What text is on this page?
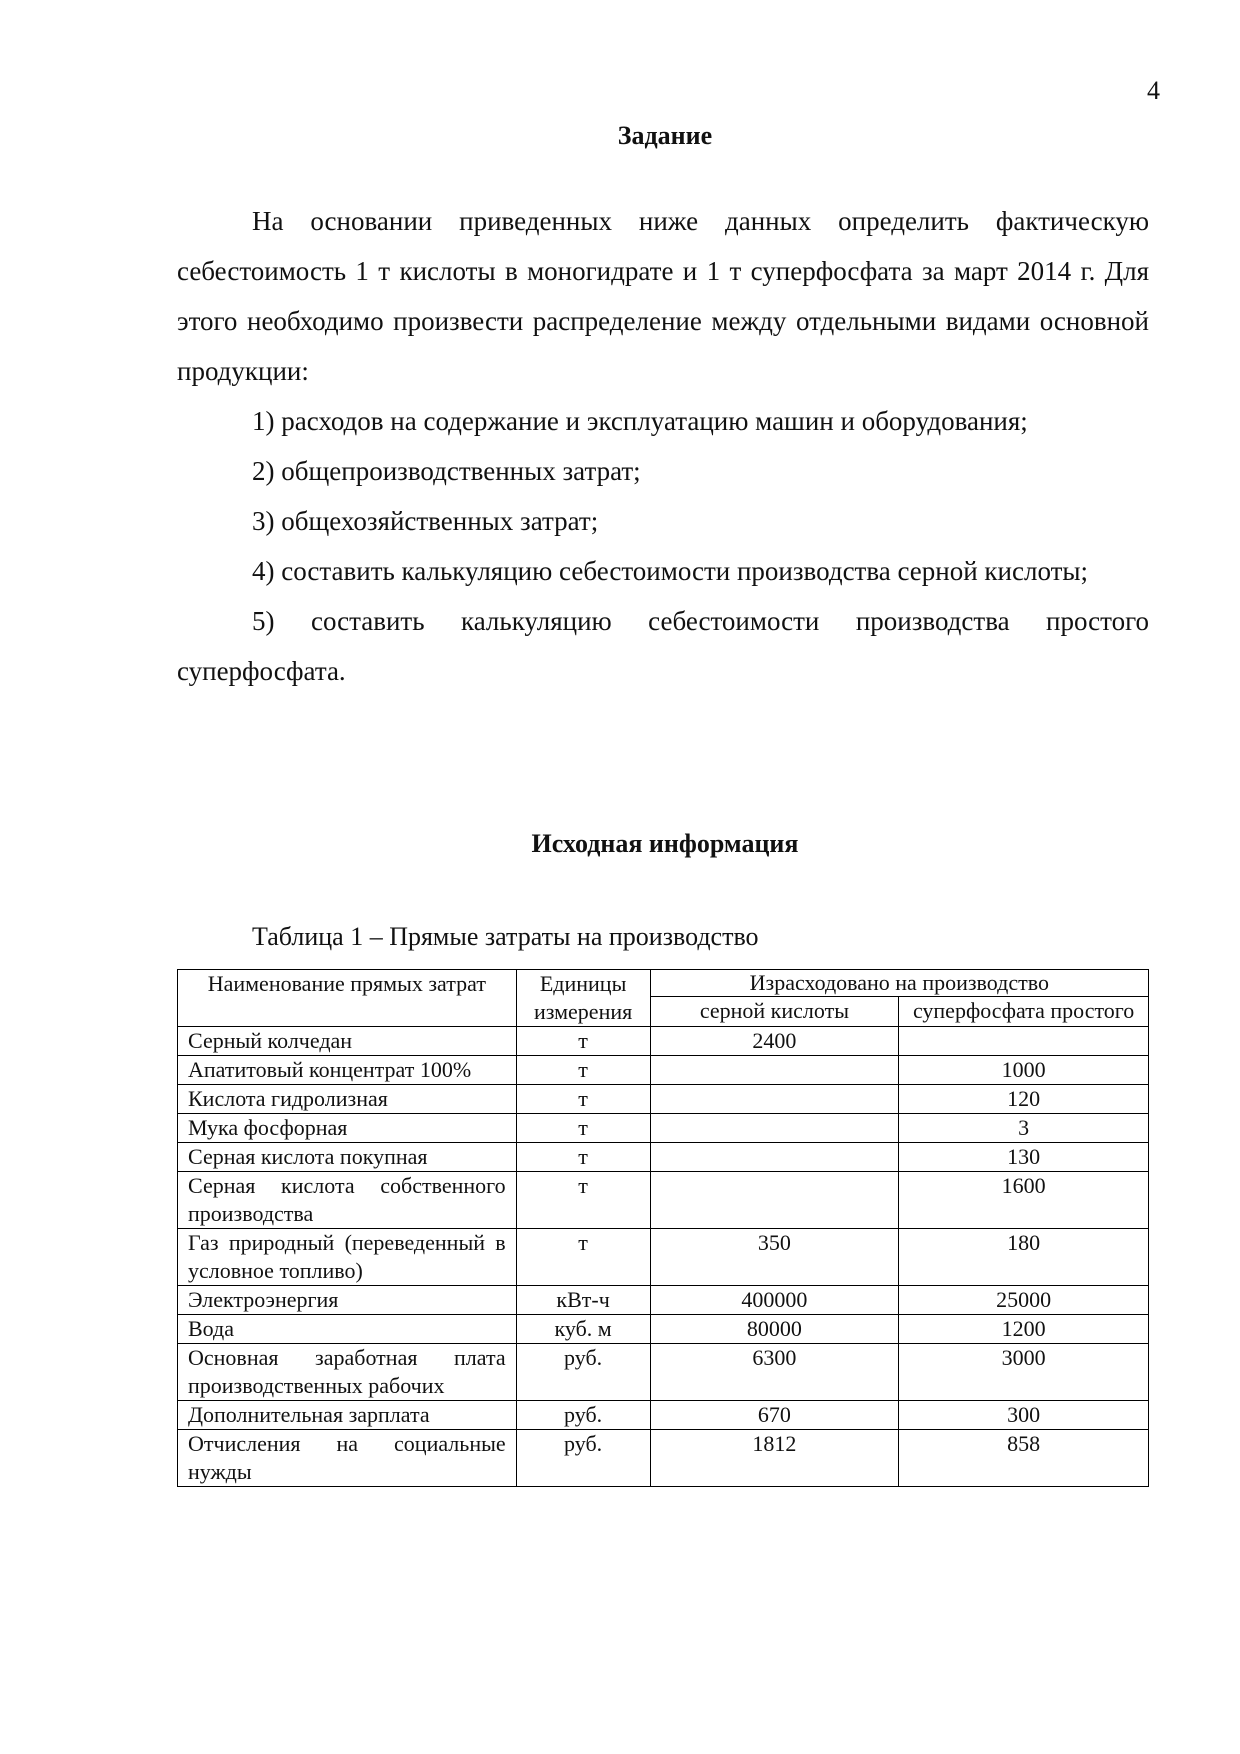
4
Задание

На основании приведенных ниже данных определить фактическую себестоимость 1 т кислоты в моногидрате и 1 т суперфосфата за март 2014 г. Для этого необходимо произвести распределение между отдельными видами основной продукции:

1) расходов на содержание и эксплуатацию машин и оборудования;

2) общепроизводственных затрат;

3) общехозяйственных затрат;

4) составить калькуляцию себестоимости производства серной кислоты;

5) составить калькуляцию себестоимости производства простого суперфосфата.

Исходная информация
Таблица 1 – Прямые затраты на производство
Наименование прямых затрат	Единицы измерения	Израсходовано на производство	
		серной кислоты	суперфосфата простого
Серный колчедан	т	2400	
Апатитовый концентрат 100%	т		1000
Кислота гидролизная	т		120
Мука фосфорная	т		3
Серная кислота покупная	т		130
Серная кислота собственного производства	т		1600
Газ природный (переведенный в условное топливо)	т	350	180
Электроэнергия	кВт-ч	400000	25000
Вода	куб. м	80000	1200
Основная заработная плата производственных рабочих	руб.	6300	3000
Дополнительная зарплата	руб.	670	300
Отчисления на социальные нужды	руб.	1812	858
